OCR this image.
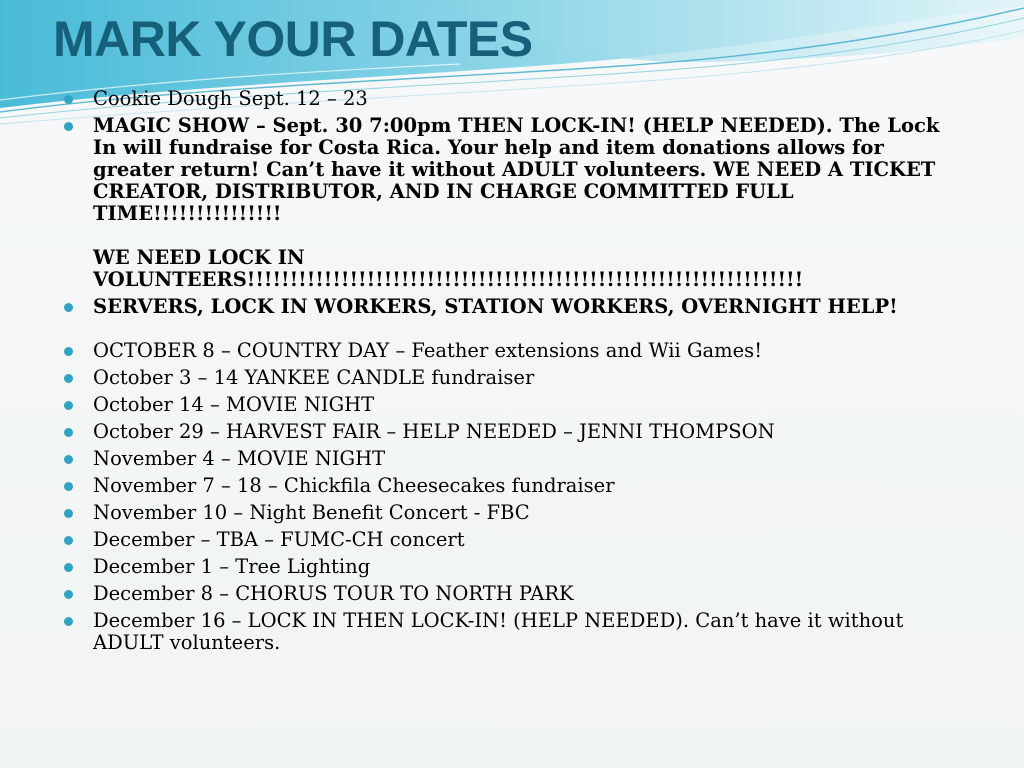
MARK YOUR DATES
Cookie Dough Sept. 12 – 23
MAGIC SHOW – Sept. 30 7:00pm THEN LOCK-IN! (HELP NEEDED). The Lock In will fundraise for Costa Rica. Your help and item donations allows for greater return! Can’t have it without ADULT volunteers. WE NEED A TICKET CREATOR, DISTRIBUTOR, AND IN CHARGE COMMITTED FULL TIME!!!!!!!!!!!!!!!
WE NEED LOCK IN VOLUNTEERS!!!!!!!!!!!!!!!!!!!!!!!!!!!!!!!!!!!!!!!!!!!!!!!!!!!!!!!!!!!!!!!!!
SERVERS, LOCK IN WORKERS, STATION WORKERS, OVERNIGHT HELP!
OCTOBER 8 – COUNTRY DAY – Feather extensions and Wii Games!
October 3 – 14 YANKEE CANDLE fundraiser
October 14 – MOVIE NIGHT
October 29 – HARVEST FAIR – HELP NEEDED – JENNI THOMPSON
November 4 – MOVIE NIGHT
November 7 – 18 – Chickfila Cheesecakes fundraiser
November 10 – Night Benefit Concert - FBC
December – TBA – FUMC-CH concert
December 1 – Tree Lighting
December 8 – CHORUS TOUR TO NORTH PARK
December 16 – LOCK IN THEN LOCK-IN! (HELP NEEDED). Can’t have it without ADULT volunteers.
